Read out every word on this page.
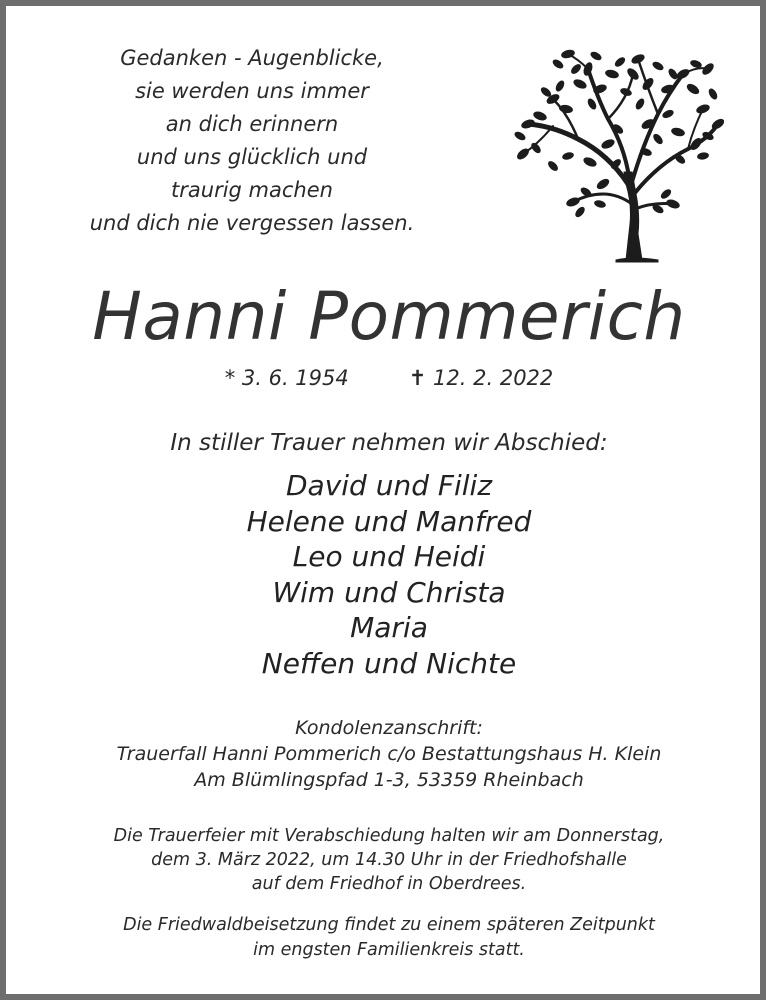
Gedanken - Augenblicke,
sie werden uns immer
an dich erinnern
und uns glücklich und
traurig machen
und dich nie vergessen lassen.
Hanni Pommerich
* 3. 6. 1954	✝ 12. 2. 2022
In stiller Trauer nehmen wir Abschied:
David und Filiz
Helene und Manfred
Leo und Heidi
Wim und Christa
Maria
Neffen und Nichte
Kondolenzanschrift:
Trauerfall Hanni Pommerich c/o Bestattungshaus H. Klein
Am Blümlingspfad 1-3, 53359 Rheinbach
Die Trauerfeier mit Verabschiedung halten wir am Donnerstag,
dem 3. März 2022, um 14.30 Uhr in der Friedhofshalle
auf dem Friedhof in Oberdrees.
Die Friedwaldbeisetzung findet zu einem späteren Zeitpunkt
im engsten Familienkreis statt.
